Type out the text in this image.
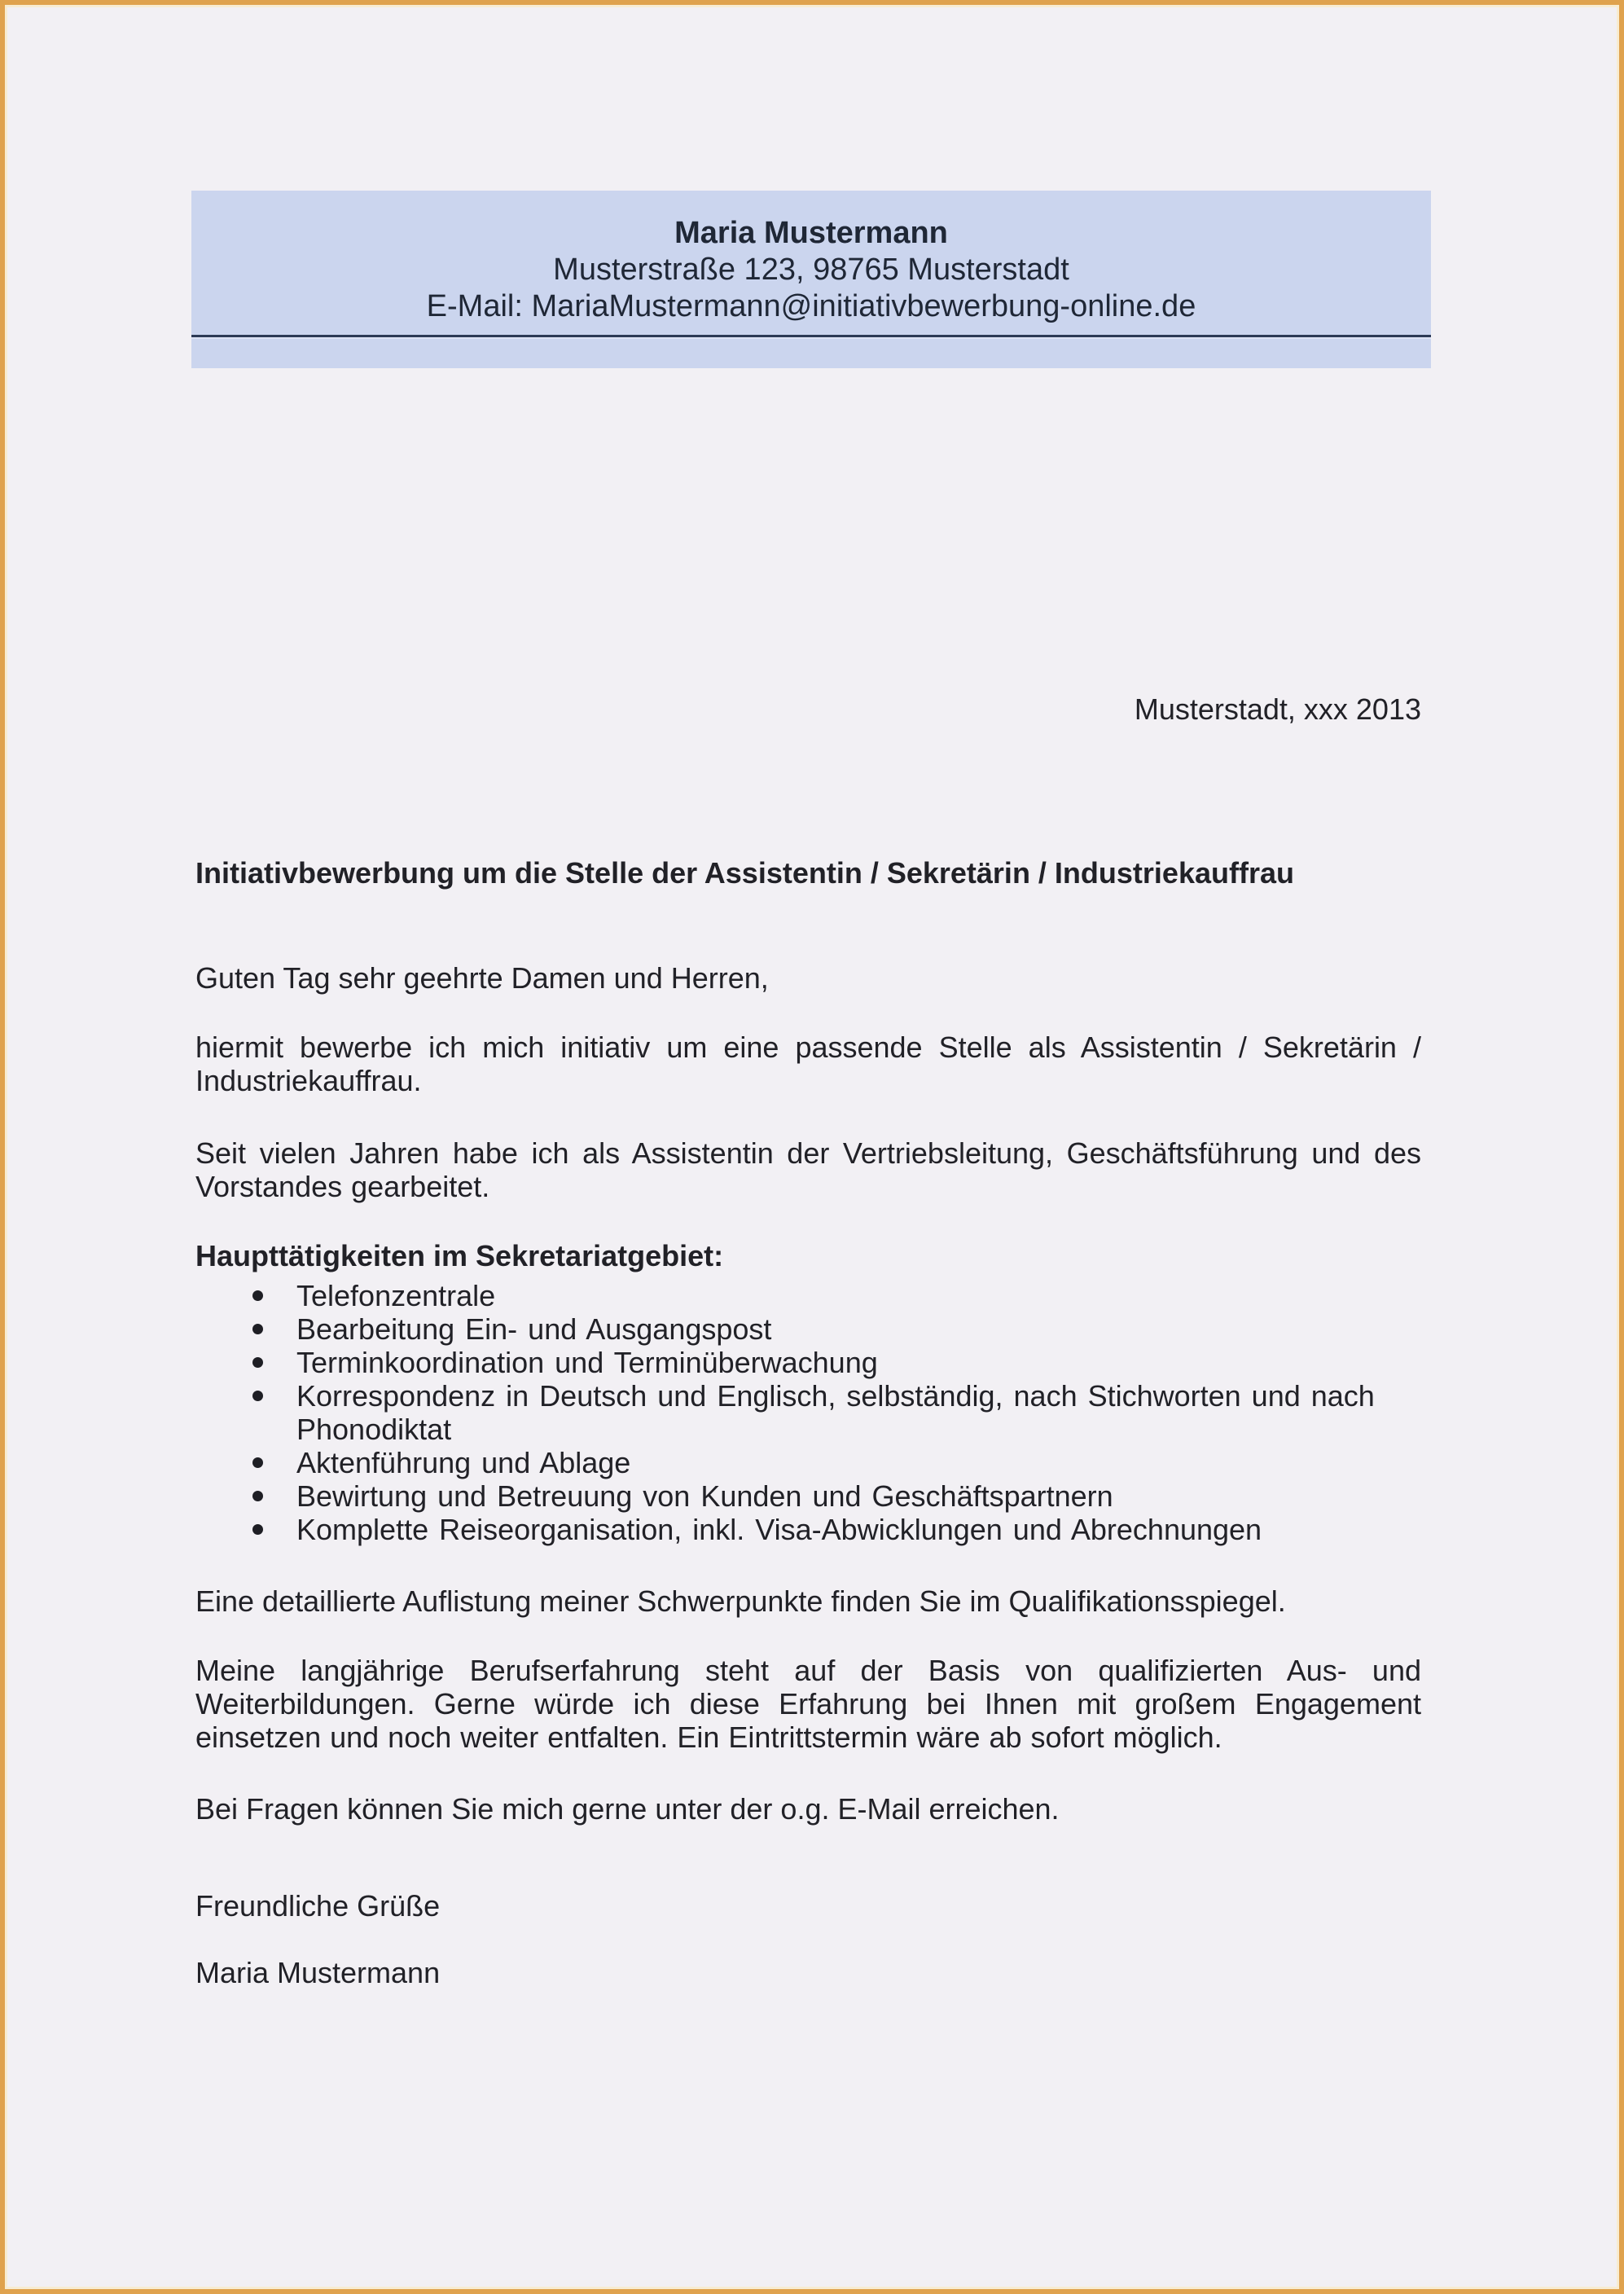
Maria Mustermann
Musterstraße 123, 98765 Musterstadt
E-Mail: MariaMustermann@initiativbewerbung-online.de
Musterstadt, xxx 2013
Initiativbewerbung um die Stelle der Assistentin / Sekretärin / Industriekauffrau
Guten Tag sehr geehrte Damen und Herren,
hiermit bewerbe ich mich initiativ um eine passende Stelle als Assistentin / Sekretärin / Industriekauffrau.
Seit vielen Jahren habe ich als Assistentin der Vertriebsleitung, Geschäftsführung und des Vorstandes gearbeitet.
Haupttätigkeiten im Sekretariatgebiet:
Telefonzentrale
Bearbeitung Ein- und Ausgangspost
Terminkoordination und Terminüberwachung
Korrespondenz in Deutsch und Englisch, selbständig, nach Stichworten und nach Phonodiktat
Aktenführung und Ablage
Bewirtung und Betreuung von Kunden und Geschäftspartnern
Komplette Reiseorganisation, inkl. Visa-Abwicklungen und Abrechnungen
Eine detaillierte Auflistung meiner Schwerpunkte finden Sie im Qualifikationsspiegel.
Meine langjährige Berufserfahrung steht auf der Basis von qualifizierten Aus- und Weiterbildungen. Gerne würde ich diese Erfahrung bei Ihnen mit großem Engagement einsetzen und noch weiter entfalten. Ein Eintrittstermin wäre ab sofort möglich.
Bei Fragen können Sie mich gerne unter der o.g. E-Mail erreichen.
Freundliche Grüße
Maria Mustermann
